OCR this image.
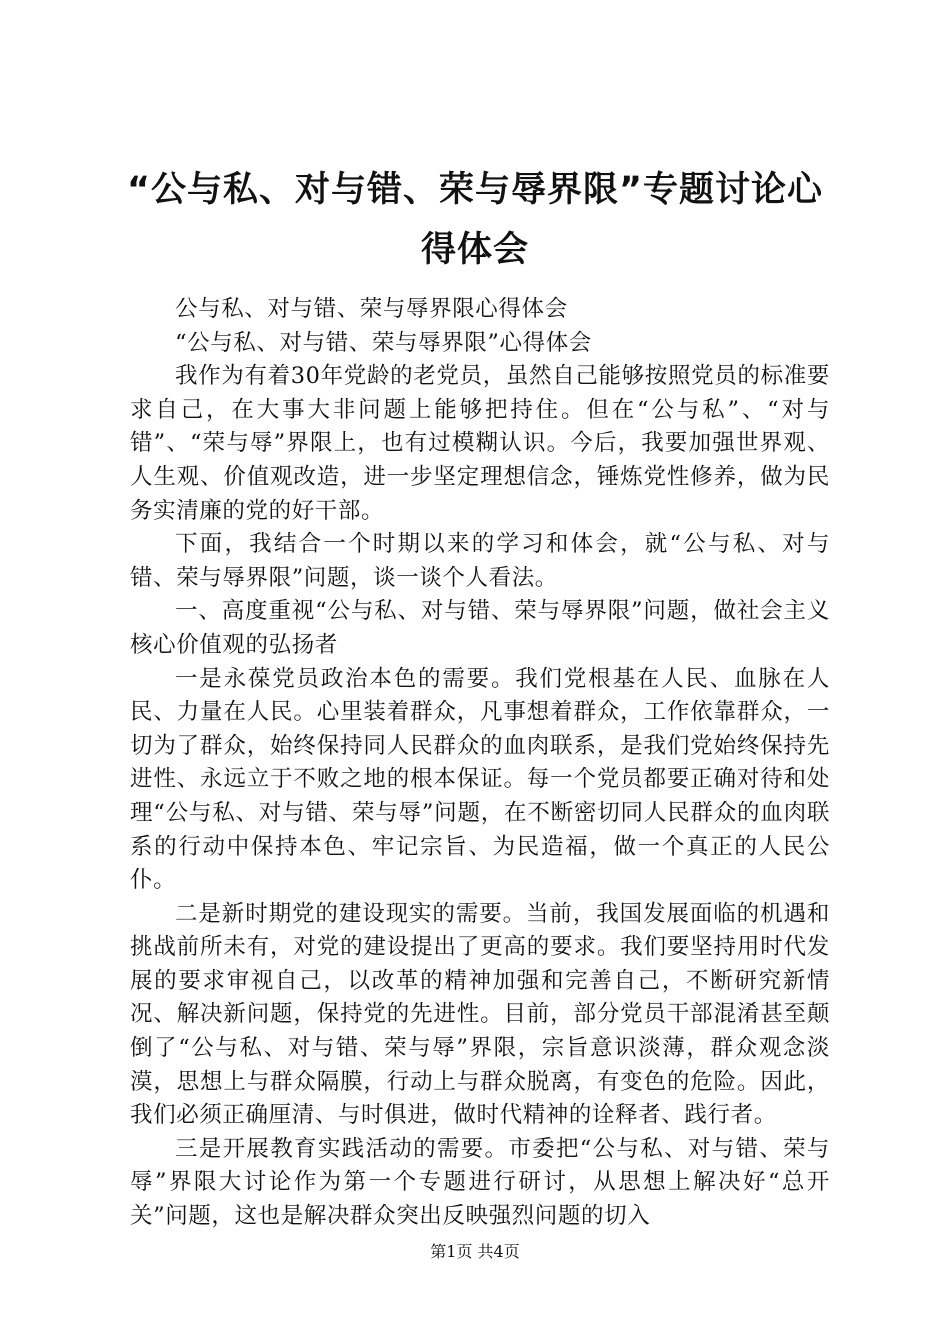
“公与私、对与错、荣与辱界限”专题讨论心得体会

公与私、对与错、荣与辱界限心得体会

“公与私、对与错、荣与辱界限”心得体会

我作为有着30年党龄的老党员，虽然自己能够按照党员的标准要求自己，在大事大非问题上能够把持住。但在“公与私”、“对与错”、“荣与辱”界限上，也有过模糊认识。今后，我要加强世界观、人生观、价值观改造，进一步坚定理想信念，锤炼党性修养，做为民务实清廉的党的好干部。

下面，我结合一个时期以来的学习和体会，就“公与私、对与错、荣与辱界限”问题，谈一谈个人看法。

一、高度重视“公与私、对与错、荣与辱界限”问题，做社会主义核心价值观的弘扬者

一是永葆党员政治本色的需要。我们党根基在人民、血脉在人民、力量在人民。心里装着群众，凡事想着群众，工作依靠群众，一切为了群众，始终保持同人民群众的血肉联系，是我们党始终保持先进性、永远立于不败之地的根本保证。每一个党员都要正确对待和处理“公与私、对与错、荣与辱”问题，在不断密切同人民群众的血肉联系的行动中保持本色、牢记宗旨、为民造福，做一个真正的人民公仆。

二是新时期党的建设现实的需要。当前，我国发展面临的机遇和挑战前所未有，对党的建设提出了更高的要求。我们要坚持用时代发展的要求审视自己，以改革的精神加强和完善自己，不断研究新情况、解决新问题，保持党的先进性。目前，部分党员干部混淆甚至颠倒了“公与私、对与错、荣与辱”界限，宗旨意识淡薄，群众观念淡漠，思想上与群众隔膜，行动上与群众脱离，有变色的危险。因此，我们必须正确厘清、与时俱进，做时代精神的诠释者、践行者。

三是开展教育实践活动的需要。市委把“公与私、对与错、荣与辱”界限大讨论作为第一个专题进行研讨，从思想上解决好“总开关”问题，这也是解决群众突出反映强烈问题的切入

第1页 共4页
